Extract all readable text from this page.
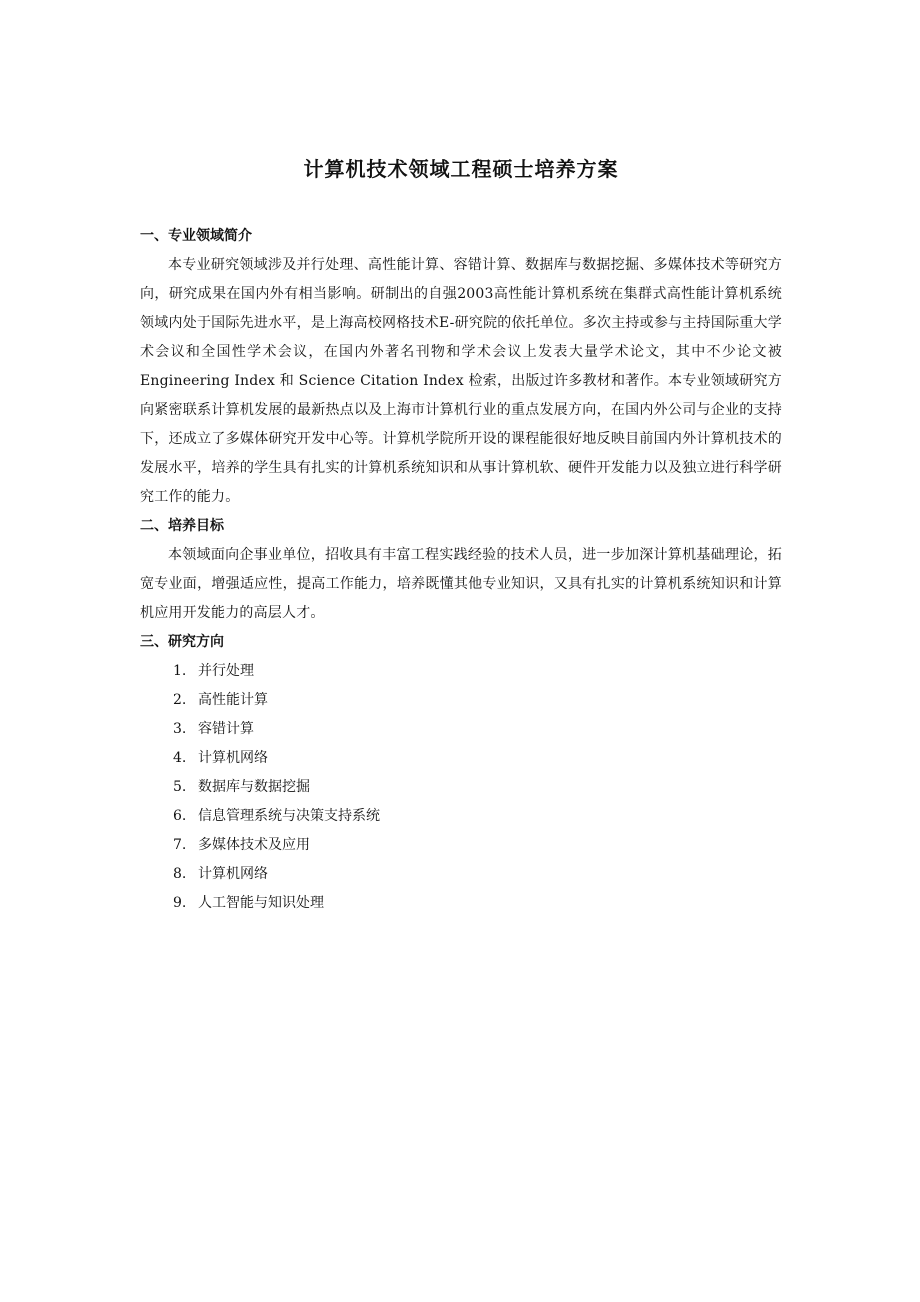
计算机技术领域工程硕士培养方案
一、专业领域简介

本专业研究领域涉及并行处理、高性能计算、容错计算、数据库与数据挖掘、多媒体技术等研究方向，研究成果在国内外有相当影响。研制出的自强2003高性能计算机系统在集群式高性能计算机系统领域内处于国际先进水平，是上海高校网格技术E-研究院的依托单位。多次主持或参与主持国际重大学术会议和全国性学术会议，在国内外著名刊物和学术会议上发表大量学术论文，其中不少论文被Engineering Index 和 Science Citation Index 检索，出版过许多教材和著作。本专业领域研究方向紧密联系计算机发展的最新热点以及上海市计算机行业的重点发展方向，在国内外公司与企业的支持下，还成立了多媒体研究开发中心等。计算机学院所开设的课程能很好地反映目前国内外计算机技术的发展水平，培养的学生具有扎实的计算机系统知识和从事计算机软、硬件开发能力以及独立进行科学研究工作的能力。

二、培养目标

本领域面向企事业单位，招收具有丰富工程实践经验的技术人员，进一步加深计算机基础理论，拓宽专业面，增强适应性，提高工作能力，培养既懂其他专业知识，又具有扎实的计算机系统知识和计算机应用开发能力的高层人才。

三、研究方向
1. 并行处理
2. 高性能计算
3. 容错计算
4. 计算机网络
5. 数据库与数据挖掘
6. 信息管理系统与决策支持系统
7. 多媒体技术及应用
8. 计算机网络
9. 人工智能与知识处理
